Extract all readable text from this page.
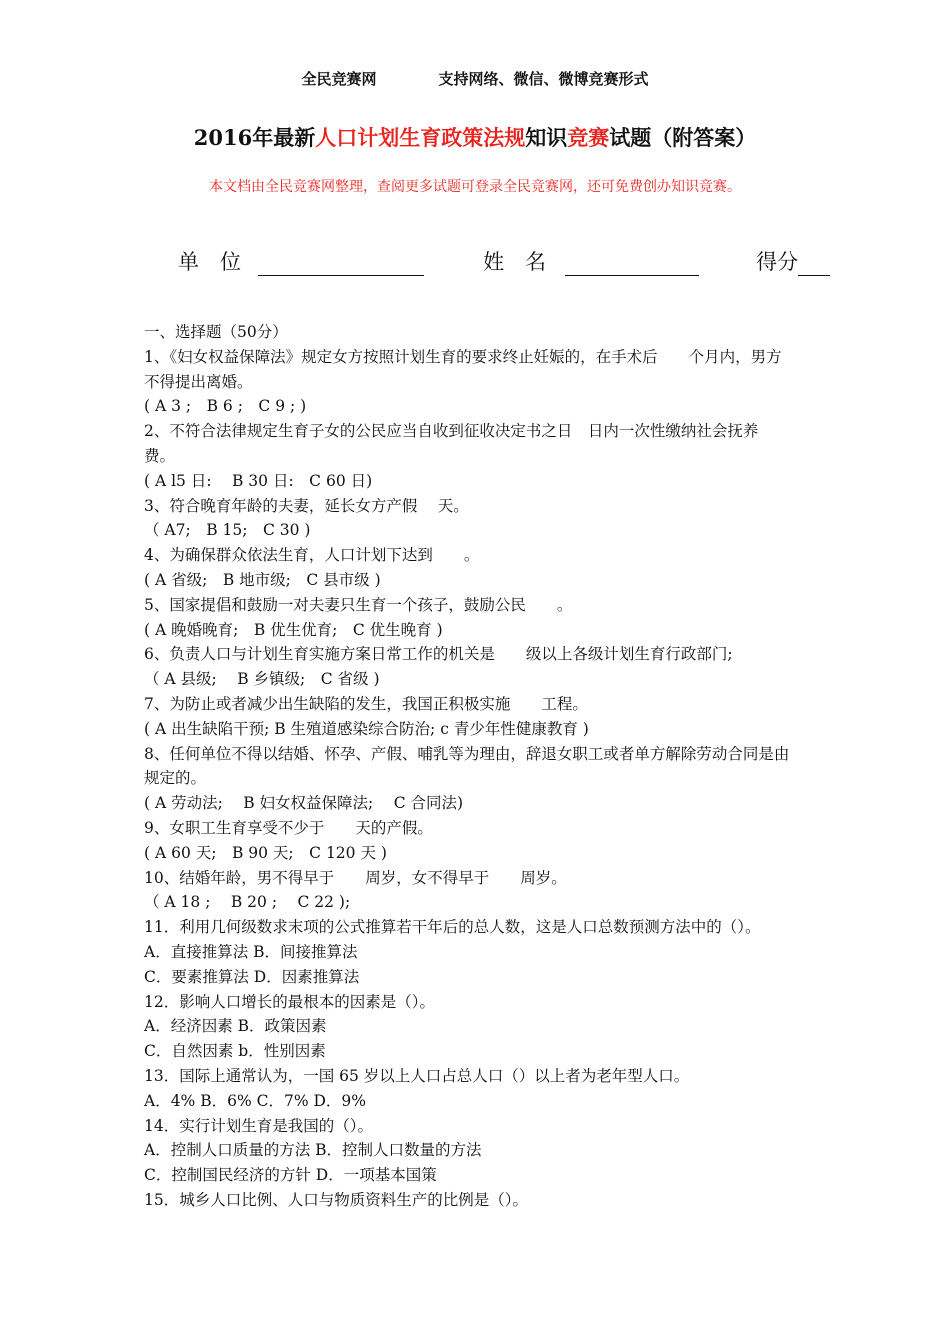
全民竞赛网	支持网络、微信、微博竞赛形式
2016年最新人口计划生育政策法规知识竞赛试题（附答案）
本文档由全民竞赛网整理，查阅更多试题可登录全民竞赛网，还可免费创办知识竞赛。
单　位	姓　名	得分

一、选择题（50分）

1、《妇女权益保障法》规定女方按照计划生育的要求终止妊娠的，在手术后　　个月内，男方

不得提出离婚。

( A 3 ;　B 6 ;　C 9 ; )

2、不符合法律规定生育子女的公民应当自收到征收决定书之日　日内一次性缴纳社会抚养

费。

( A l5 日:　 B 30 日:　C 60 日)

3、符合晚育年龄的夫妻，延长女方产假　 天。

（ A7;　B 15;　C 30 )

4、为确保群众依法生育，人口计划下达到　　。

( A 省级;　B 地市级;　C 县市级 )

5、国家提倡和鼓励一对夫妻只生育一个孩子，鼓励公民　　。

( A 晚婚晚育;　B 优生优育;　C 优生晚育 )

6、负责人口与计划生育实施方案日常工作的机关是　　级以上各级计划生育行政部门;

（ A 县级;　 B 乡镇级;　C 省级 )

7、为防止或者减少出生缺陷的发生，我国正积极实施　　工程。

( A 出生缺陷干预; B 生殖道感染综合防治; c 青少年性健康教育 )

8、任何单位不得以结婚、怀孕、产假、哺乳等为理由，辞退女职工或者单方解除劳动合同是由

规定的。

( A 劳动法;　 B 妇女权益保障法;　 C 合同法)

9、女职工生育享受不少于　　天的产假。

( A 60 天;　B 90 天;　C 120 天 )

10、结婚年龄，男不得早于　　周岁，女不得早于　　周岁。

（ A 18 ;　 B 20 ;　 C 22 );

11．利用几何级数求末项的公式推算若干年后的总人数，这是人口总数预测方法中的（）。

A．直接推算法 B．间接推算法

C．要素推算法 D．因素推算法

12．影响人口增长的最根本的因素是（）。

A．经济因素 B．政策因素

C．自然因素 b．性别因素

13．国际上通常认为，一国 65 岁以上人口占总人口（）以上者为老年型人口。

A．4% B．6% C．7% D．9%

14．实行计划生育是我国的（）。

A．控制人口质量的方法 B．控制人口数量的方法

C．控制国民经济的方针 D．一项基本国策

15．城乡人口比例、人口与物质资料生产的比例是（）。
